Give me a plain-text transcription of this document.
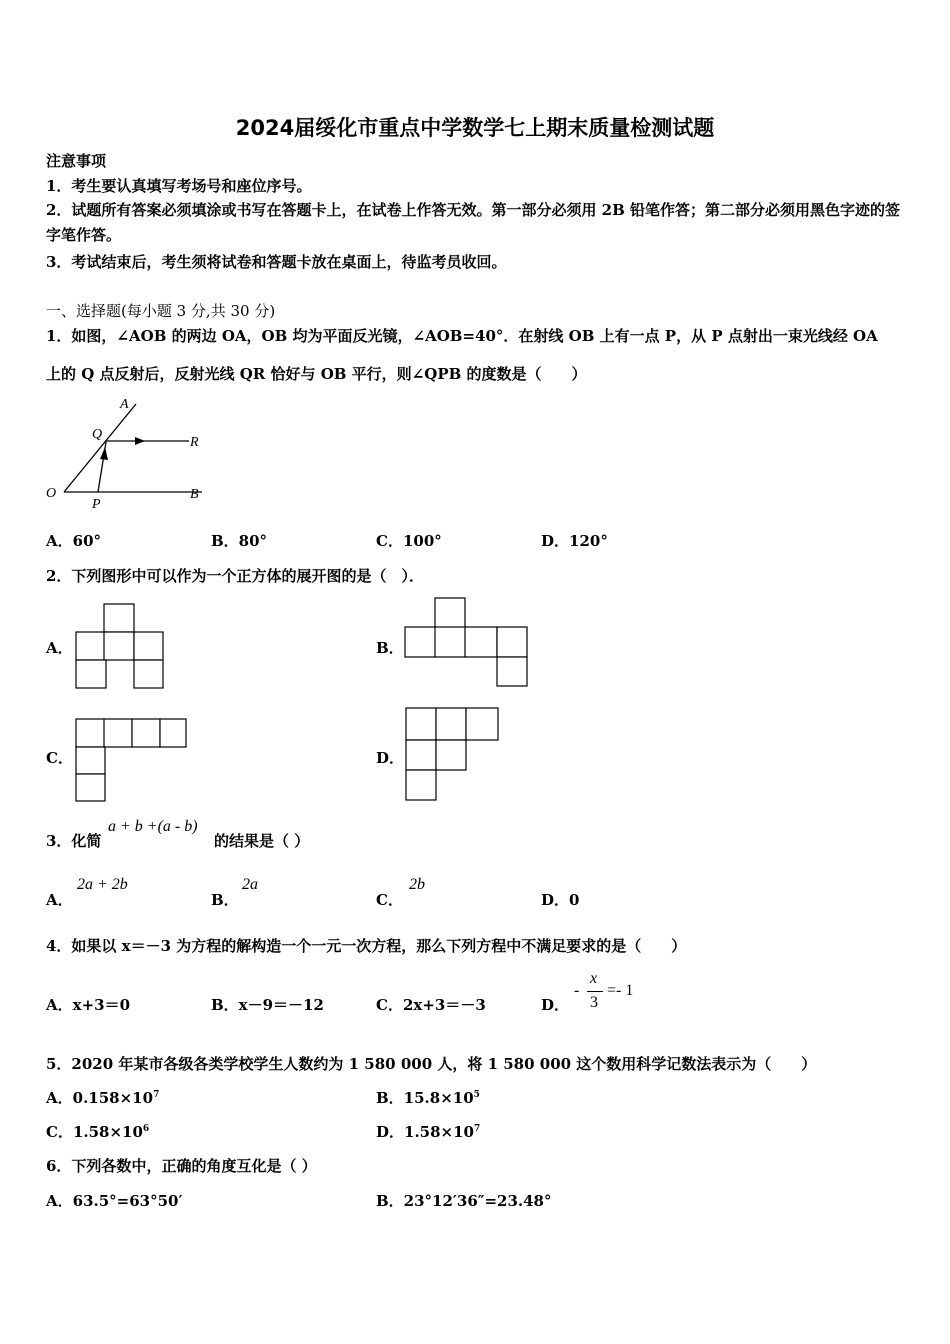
2024届绥化市重点中学数学七上期末质量检测试题
注意事项
1．考生要认真填写考场号和座位序号。
2．试题所有答案必须填涂或书写在答题卡上，在试卷上作答无效。第一部分必须用 2B 铅笔作答；第二部分必须用黑色字迹的签字笔作答。
3．考试结束后，考生须将试卷和答题卡放在桌面上，待监考员收回。
一、选择题(每小题 3 分,共 30 分)
1．如图，∠AOB 的两边 OA，OB 均为平面反光镜，∠AOB=40°．在射线 OB 上有一点 P，从 P 点射出一束光线经 OA
上的 Q 点反射后，反射光线 QR 恰好与 OB 平行，则∠QPB 的度数是（　　）
A
Q
R
O
P
B
A．60°	B．80°	C．100°	D．120°
2．下列图形中可以作为一个正方体的展开图的是（　）．
A．	B．
C．	D．
3．化简
a + b +(a - b)
的结果是（ ）
A．
2a + 2b
B．
2a
C．
2b
D．0
4．如果以 x＝－3 为方程的解构造一个一元一次方程，那么下列方程中不满足要求的是（　　）
A．x+3＝0	B．x－9＝－12	C．2x+3＝－3	D．
-
x
3
=- 1
5．2020 年某市各级各类学校学生人数约为 1 580 000 人，将 1 580 000 这个数用科学记数法表示为（　　）
A．$0.158\times 10^7$	B．$15.8\times 10^5$
C．$1.58\times 10^6$	D．$1.58\times 10^7$
6．下列各数中，正确的角度互化是（ ）
A．63.5°=63°50′	B．23°12′36″=23.48°
